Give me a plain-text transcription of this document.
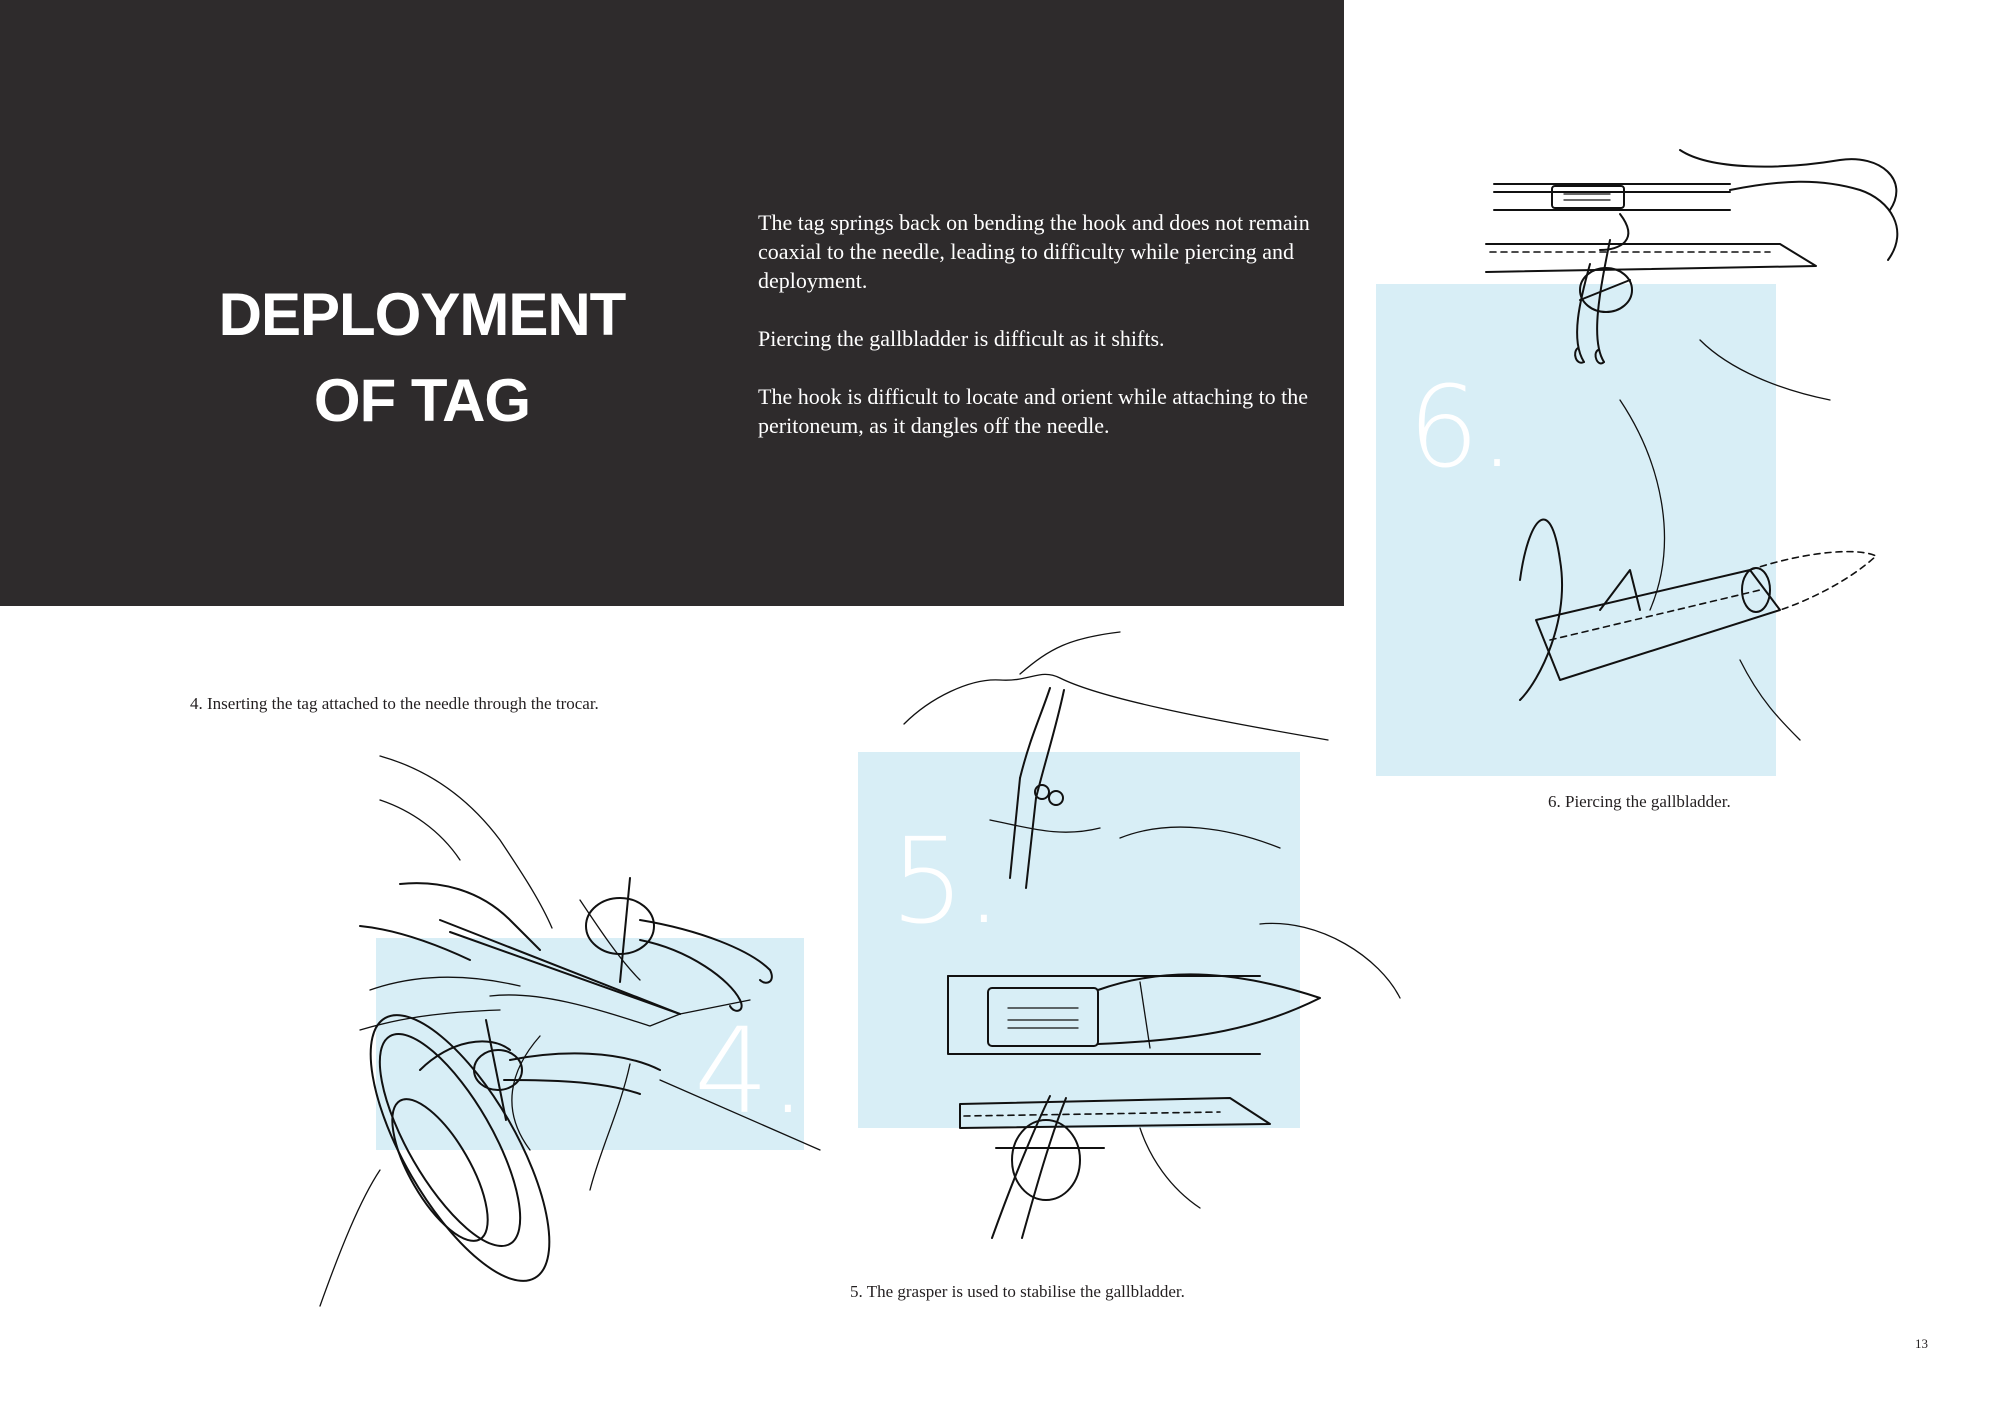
DEPLOYMENT
OF TAG

The tag springs back on bending the hook and does not remain coaxial to the needle, leading to difficulty while piercing and deployment.

Piercing the gallbladder is difficult as it shifts.

The hook is difficult to locate and orient while attaching to the peritoneum, as it dangles off the needle.	6.
5.
4.
4. Inserting the tag attached to the needle through the trocar.
5. The grasper is used to stabilise the gallbladder.
6. Piercing the gallbladder.
13
